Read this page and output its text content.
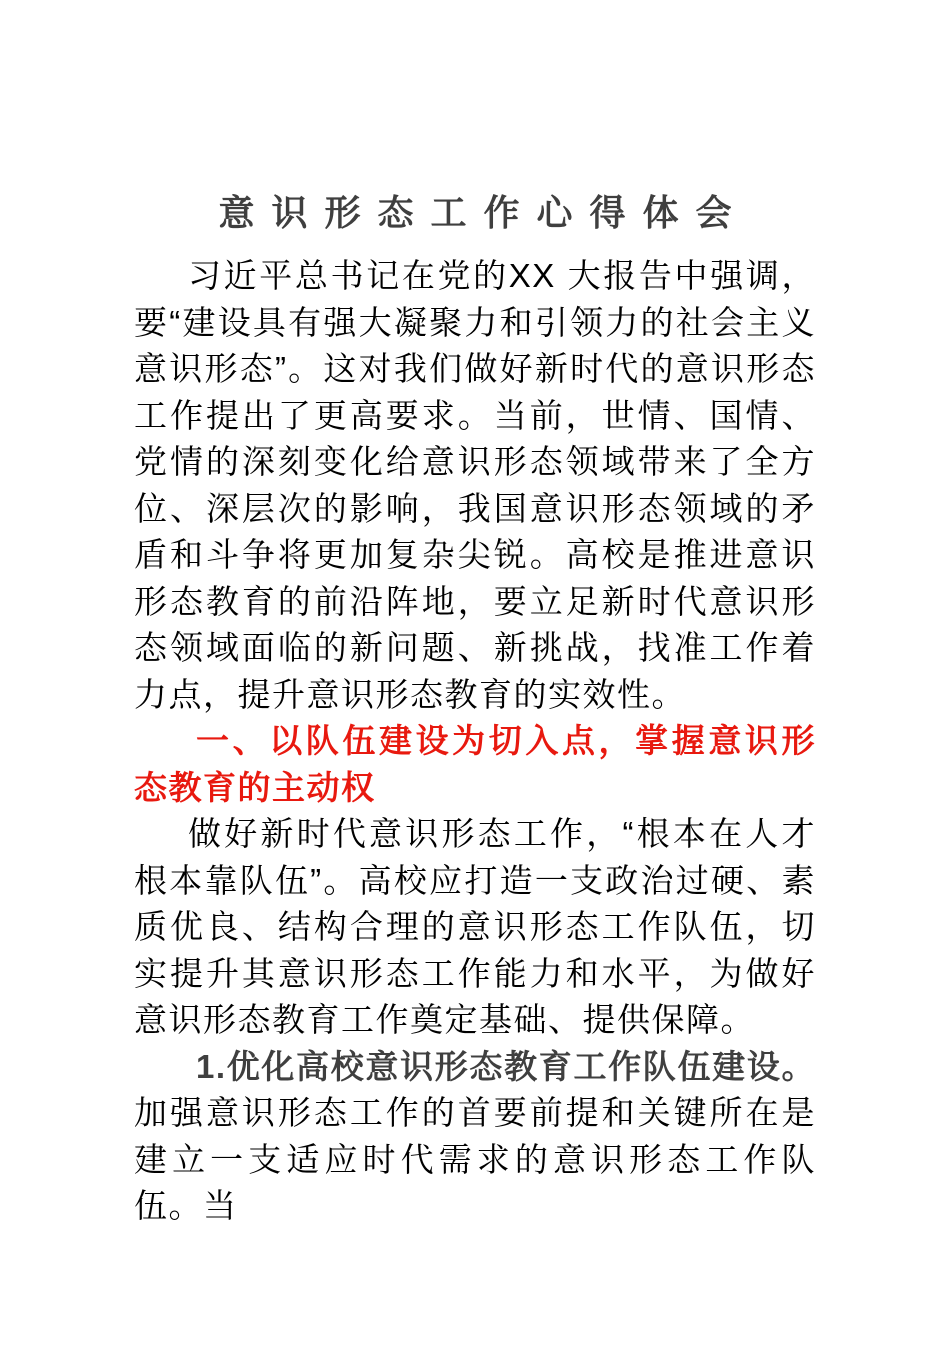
意识形态工作心得体会

习近平总书记在党的XX 大报告中强调，要“建设具有强大凝聚力和引领力的社会主义意识形态”。这对我们做好新时代的意识形态工作提出了更高要求。当前，世情、国情、党情的深刻变化给意识形态领域带来了全方位、深层次的影响，我国意识形态领域的矛盾和斗争将更加复杂尖锐。高校是推进意识形态教育的前沿阵地，要立足新时代意识形态领域面临的新问题、新挑战，找准工作着力点，提升意识形态教育的实效性。

一、以队伍建设为切入点，掌握意识形态教育的主动权

做好新时代意识形态工作，“根本在人才根本靠队伍”。高校应打造一支政治过硬、素质优良、结构合理的意识形态工作队伍，切实提升其意识形态工作能力和水平，为做好意识形态教育工作奠定基础、提供保障。

1.优化高校意识形态教育工作队伍建设。加强意识形态工作的首要前提和关键所在是建立一支适应时代需求的意识形态工作队伍。当
